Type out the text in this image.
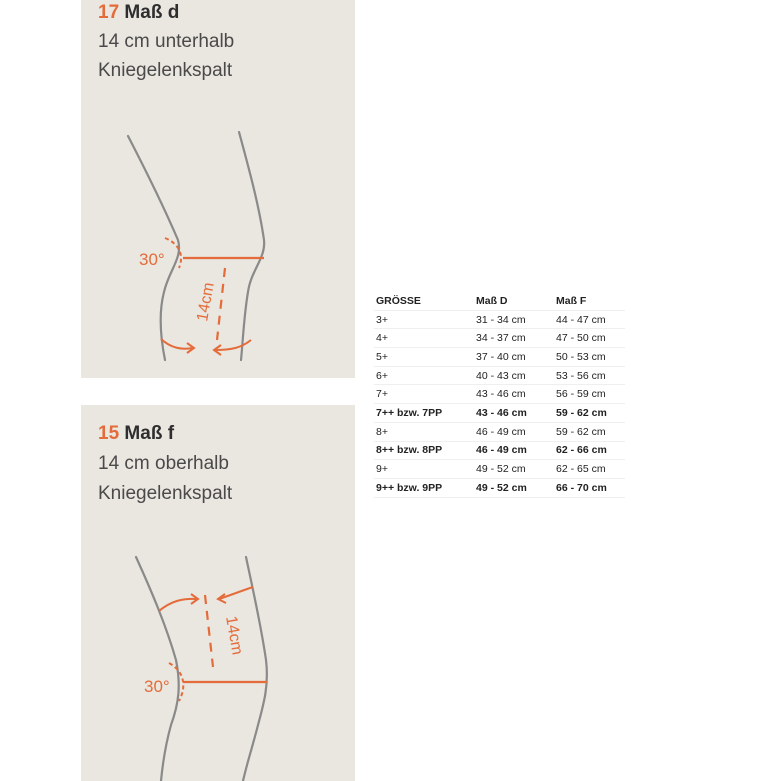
17 Maß d
14 cm unterhalb
Kniegelenkspalt
30°
14cm
15 Maß f
14 cm oberhalb
Kniegelenkspalt
30°
14cm
GRÖSSE	Maß D	Maß F
3+	31 - 34 cm	44 - 47 cm
4+	34 - 37 cm	47 - 50 cm
5+	37 - 40 cm	50 - 53 cm
6+	40 - 43 cm	53 - 56 cm
7+	43 - 46 cm	56 - 59 cm
7++ bzw. 7PP	43 - 46 cm	59 - 62 cm
8+	46 - 49 cm	59 - 62 cm
8++ bzw. 8PP	46 - 49 cm	62 - 66 cm
9+	49 - 52 cm	62 - 65 cm
9++ bzw. 9PP	49 - 52 cm	66 - 70 cm
